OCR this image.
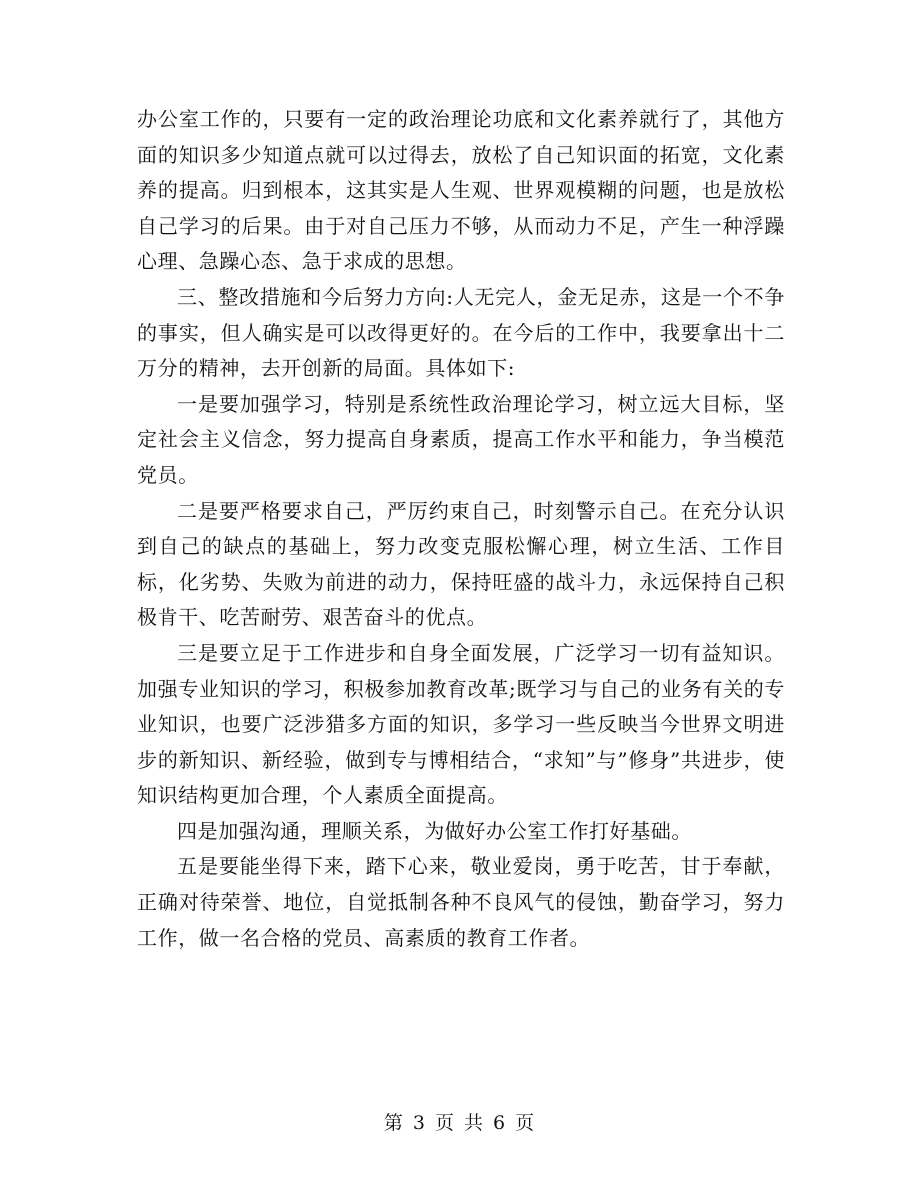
办公室工作的，只要有一定的政治理论功底和文化素养就行了，其他方面的知识多少知道点就可以过得去，放松了自己知识面的拓宽，文化素养的提高。归到根本，这其实是人生观、世界观模糊的问题，也是放松自己学习的后果。由于对自己压力不够，从而动力不足，产生一种浮躁心理、急躁心态、急于求成的思想。

三、整改措施和今后努力方向:人无完人，金无足赤，这是一个不争的事实，但人确实是可以改得更好的。在今后的工作中，我要拿出十二万分的精神，去开创新的局面。具体如下:

一是要加强学习，特别是系统性政治理论学习，树立远大目标，坚定社会主义信念，努力提高自身素质，提高工作水平和能力，争当模范党员。

二是要严格要求自己，严厉约束自己，时刻警示自己。在充分认识到自己的缺点的基础上，努力改变克服松懈心理，树立生活、工作目标，化劣势、失败为前进的动力，保持旺盛的战斗力，永远保持自己积极肯干、吃苦耐劳、艰苦奋斗的优点。

三是要立足于工作进步和自身全面发展，广泛学习一切有益知识。加强专业知识的学习，积极参加教育改革;既学习与自己的业务有关的专业知识，也要广泛涉猎多方面的知识，多学习一些反映当今世界文明进步的新知识、新经验，做到专与博相结合，“求知”与”修身”共进步，使知识结构更加合理，个人素质全面提高。

四是加强沟通，理顺关系，为做好办公室工作打好基础。

五是要能坐得下来，踏下心来，敬业爱岗，勇于吃苦，甘于奉献，正确对待荣誉、地位，自觉抵制各种不良风气的侵蚀，勤奋学习，努力工作，做一名合格的党员、高素质的教育工作者。

第 3 页 共 6 页
